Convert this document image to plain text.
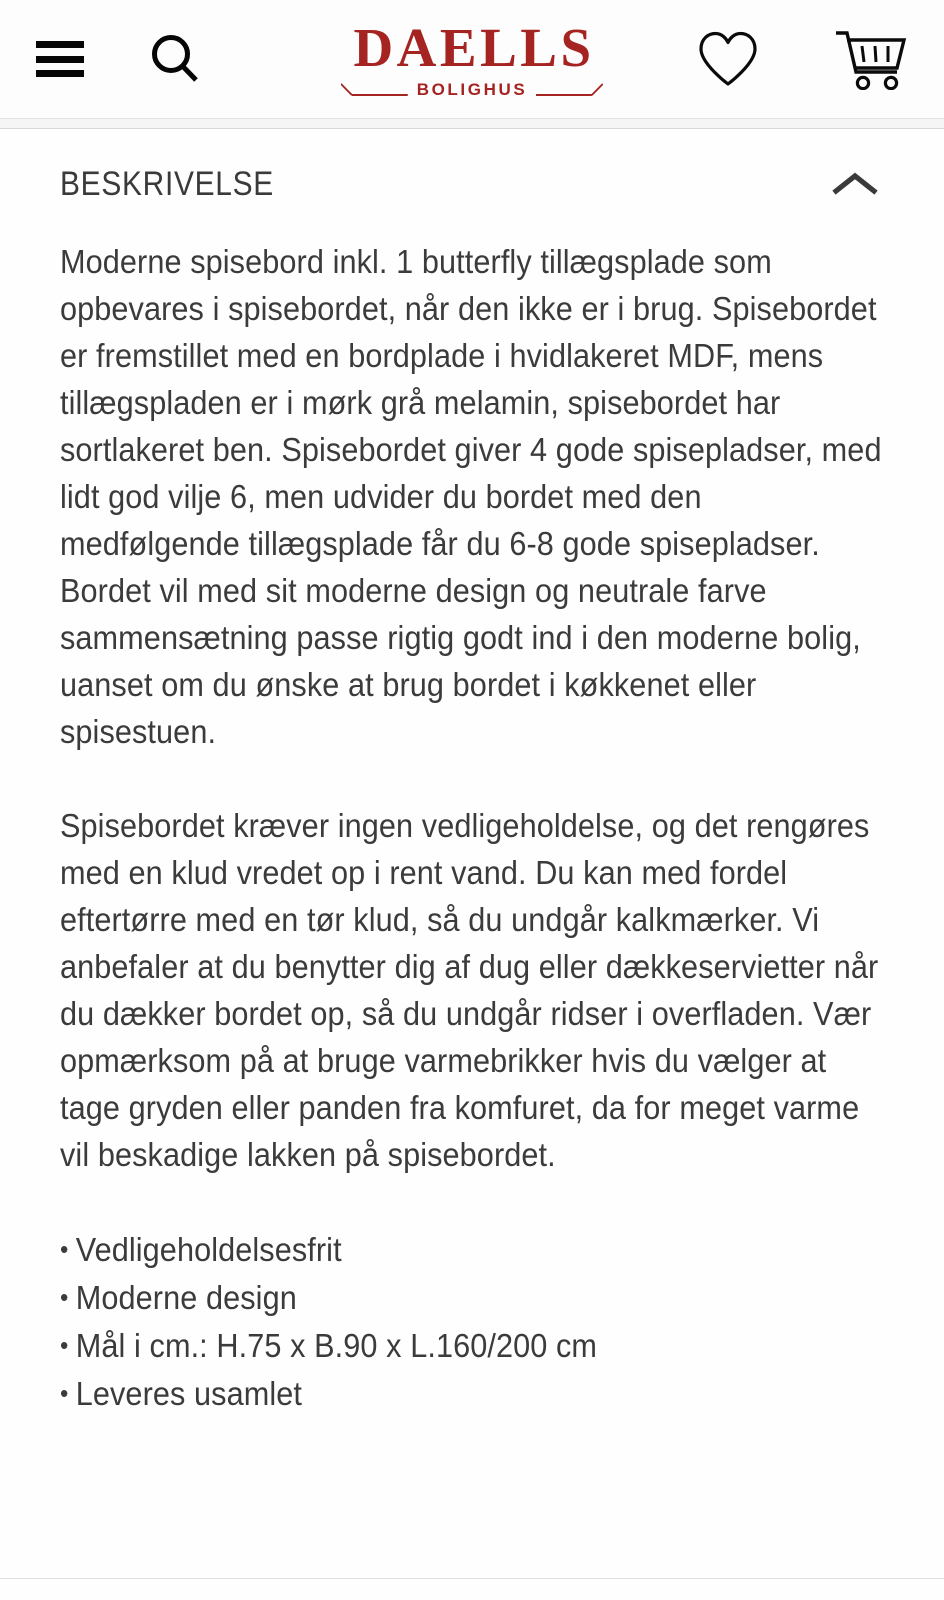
DAELLS
BOLIGHUS
BESKRIVELSE

Moderne spisebord inkl. 1 butterfly tillægsplade som opbevares i spisebordet, når den ikke er i brug. Spisebordet er fremstillet med en bordplade i hvidlakeret MDF, mens tillægspladen er i mørk grå melamin, spisebordet har sortlakeret ben. Spisebordet giver 4 gode spisepladser, med lidt god vilje 6, men udvider du bordet med den medfølgende tillægsplade får du 6-8 gode spisepladser. Bordet vil med sit moderne design og neutrale farve sammensætning passe rigtig godt ind i den moderne bolig, uanset om du ønske at brug bordet i køkkenet eller spisestuen.

Spisebordet kræver ingen vedligeholdelse, og det rengøres med en klud vredet op i rent vand. Du kan med fordel eftertørre med en tør klud, så du undgår kalkmærker. Vi anbefaler at du benytter dig af dug eller dækkeservietter når du dækker bordet op, så du undgår ridser i overfladen. Vær opmærksom på at bruge varmebrikker hvis du vælger at tage gryden eller panden fra komfuret, da for meget varme vil beskadige lakken på spisebordet.

• Vedligeholdelsesfrit
• Moderne design
• Mål i cm.: H.75 x B.90 x L.160/200 cm
• Leveres usamlet
